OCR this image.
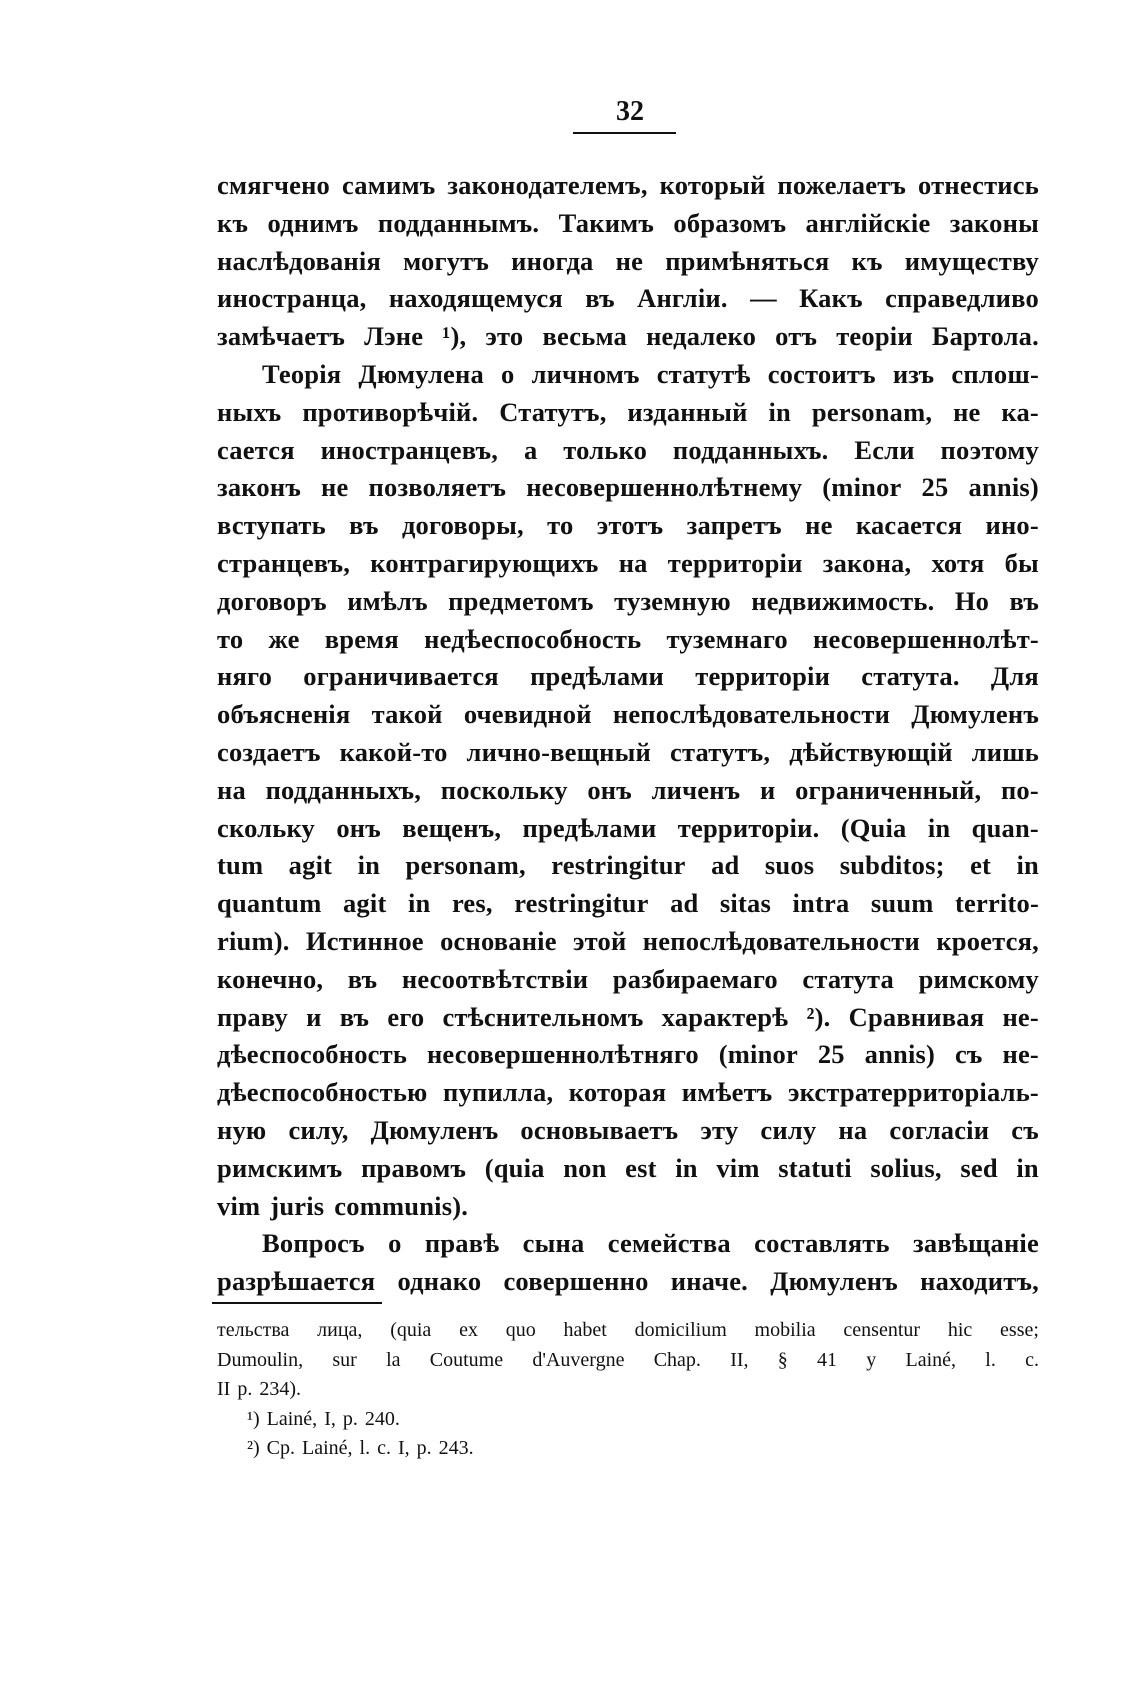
32
смягчено самимъ законодателемъ, который пожелаетъ отнестись
къ однимъ подданнымъ. Такимъ образомъ англійскіе законы
наслѣдованія могутъ иногда не примѣняться къ имуществу
иностранца, находящемуся въ Англіи. — Какъ справедливо
замѣчаетъ Лэне ¹), это весьма недалеко отъ теоріи Бартола.
Теорія Дюмулена о личномъ статутѣ состоитъ изъ сплош-
ныхъ противорѣчій. Статутъ, изданный in personam, не ка-
сается иностранцевъ, а только подданныхъ. Если поэтому
законъ не позволяетъ несовершеннолѣтнему (minor 25 annis)
вступать въ договоры, то этотъ запретъ не касается ино-
странцевъ, контрагирующихъ на территоріи закона, хотя бы
договоръ имѣлъ предметомъ туземную недвижимость. Но въ
то же время недѣеспособность туземнаго несовершеннолѣт-
няго ограничивается предѣлами территоріи статута. Для
объясненія такой очевидной непослѣдовательности Дюмуленъ
создаетъ какой-то лично-вещный статутъ, дѣйствующій лишь
на подданныхъ, поскольку онъ личенъ и ограниченный, по-
скольку онъ вещенъ, предѣлами территоріи. (Quia in quan-
tum agit in personam, restringitur ad suos subditos; et in
quantum agit in res, restringitur ad sitas intra suum territo-
rium). Истинное основаніе этой непослѣдовательности кроется,
конечно, въ несоотвѣтствіи разбираемаго статута римскому
праву и въ его стѣснительномъ характерѣ ²). Сравнивая не-
дѣеспособность несовершеннолѣтняго (minor 25 annis) съ не-
дѣеспособностью пупилла, которая имѣетъ экстратерриторіаль-
ную силу, Дюмуленъ основываетъ эту силу на согласіи съ
римскимъ правомъ (quia non est in vim statuti solius, sed in
vim juris communis).
Вопросъ о правѣ сына семейства составлять завѣщаніе
разрѣшается однако совершенно иначе. Дюмуленъ находитъ,
тельства лица, (quia ex quo habet domicilium mobilia censentur hic esse;
Dumoulin, sur la Coutume d'Auvergne Chap. II, § 41 y Lainé, l. c.
II p. 234).
¹) Lainé, I, p. 240.
²) Cp. Lainé, l. c. I, p. 243.
